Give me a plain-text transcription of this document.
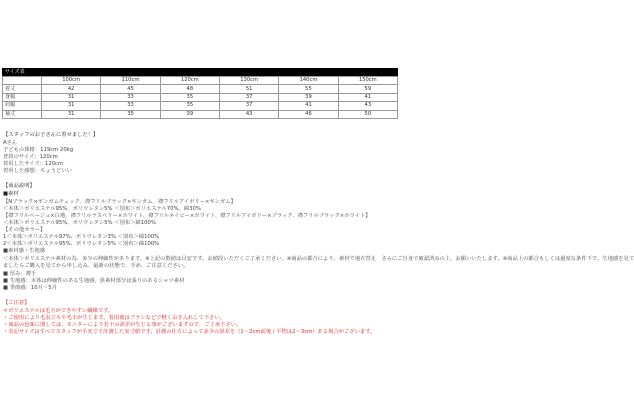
サイズ表
	100cm	110cm	120cm	130cm	140cm	150cm
着丈	42	45	48	51	55	59
身幅	31	33	35	37	39	41
肩幅	31	33	35	37	41	43
袖丈	31	35	39	43	46	50
【スタッフのお子さんに着せました！】
Aさん
子どもの体格：119cm 20kg
普段のサイズ：120cm
着用したサイズ：120cm
着用した感想：ちょうどいい
【商品説明】
■素材
【Nブラック×ギンガムチェック、襟フリルブラック×ギンガム、襟フリルアイボリー×ギンガム】
＜本体＞ポリエステル95%、ポリウレタン5% ＜別布＞ポリエステル70%、綿30%
【襟フリルベージュ×白地、襟フリルラスベリー×ホワイト、襟フリルネイビー×ホワイト、襟フリルアイボリー×ブラック、襟フリルブラック×ホワイト】
＜本体＞ポリエステル95%、ポリウレタン5% ＜別布＞綿100%
【その他カラー】
1＜本体＞ポリエステル97%、ポリウレタン3% ＜別布＞綿100%
2＜本体＞ポリエステル95%、ポリウレタン5% ＜別布＞綿100%
■素材感・生地感
＜本体＞ポリエステル素材の為、多少の伸縮性があります。※上記の数値は目安です。お値段いただくご了承ください。※商品の都合により、素材で地衣替え　さらにご自身で確認済みの上、お願いいたします。※商品上の都合もしくは過度な条件下で、生地感を見て
ましたらご購入を見てから申し込み、最新の状態で、手め、ご注意ください。
■ 厚み：薄手
■ 生地感：本体は伸縮性のある生地感、異素材部分は張りのあるシャツ素材
■ 季節感：10月～5月
【ご注意】
＊ポリエステルは毛玉ができやすい繊維です。
・ご使用により毛羽立ちや毛玉が生じます。着用後はブラシなどで軽くお手入れして下さい。
・商品の色味に関しては、モニターにより若干の誤差が生じる事がございますので、ご了承下さい。
・表記サイズはすべてスタッフが手実寸で計測した実寸値です。計測の仕方によって多少の誤差を（1～2cm前後 / 平物は2～3cm）ある場合がございます。
